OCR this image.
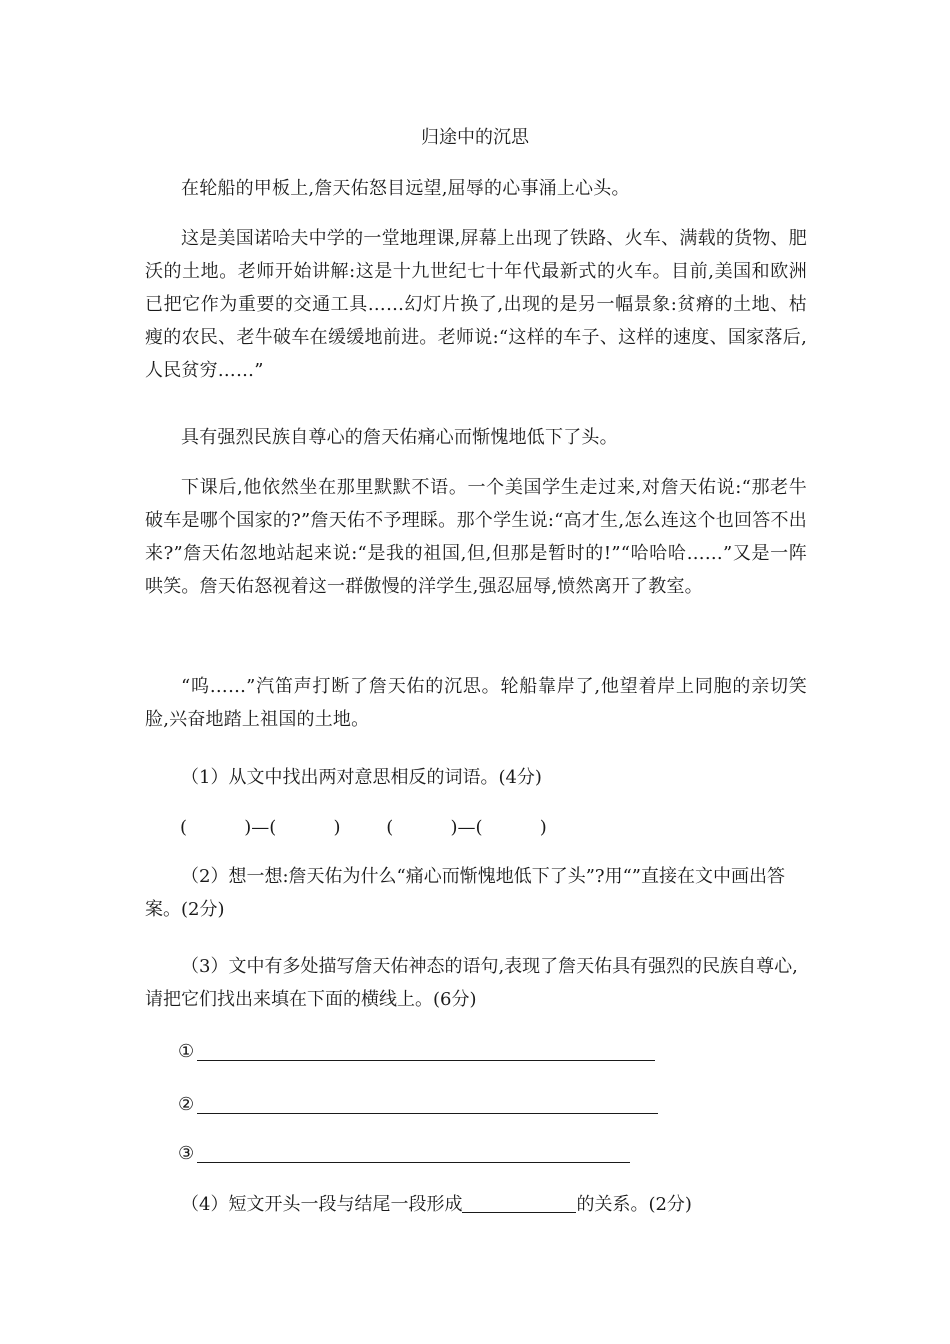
归途中的沉思
在轮船的甲板上,詹天佑怒目远望,屈辱的心事涌上心头。
这是美国诺哈夫中学的一堂地理课,屏幕上出现了铁路、火车、满载的货物、肥沃的土地。老师开始讲解:这是十九世纪七十年代最新式的火车。目前,美国和欧洲已把它作为重要的交通工具……幻灯片换了,出现的是另一幅景象:贫瘠的土地、枯瘦的农民、老牛破车在缓缓地前进。老师说:“这样的车子、这样的速度、国家落后,人民贫穷……”
具有强烈民族自尊心的詹天佑痛心而惭愧地低下了头。
下课后,他依然坐在那里默默不语。一个美国学生走过来,对詹天佑说:“那老牛破车是哪个国家的?”詹天佑不予理睬。那个学生说:“高才生,怎么连这个也回答不出来?”詹天佑忽地站起来说:“是我的祖国,但,但那是暂时的!”“哈哈哈……”又是一阵哄笑。詹天佑怒视着这一群傲慢的洋学生,强忍屈辱,愤然离开了教室。
“呜……”汽笛声打断了詹天佑的沉思。轮船靠岸了,他望着岸上同胞的亲切笑脸,兴奋地踏上祖国的土地。
（1）从文中找出两对意思相反的词语。(4分)
(          )—(          )        (          )—(          )
（2）想一想:詹天佑为什么“痛心而惭愧地低下了头”?用“”直接在文中画出答案。(2分)
（3）文中有多处描写詹天佑神态的语句,表现了詹天佑具有强烈的民族自尊心,请把它们找出来填在下面的横线上。(6分)
①
②
③
（4）短文开头一段与结尾一段形成	的关系。(2分)
